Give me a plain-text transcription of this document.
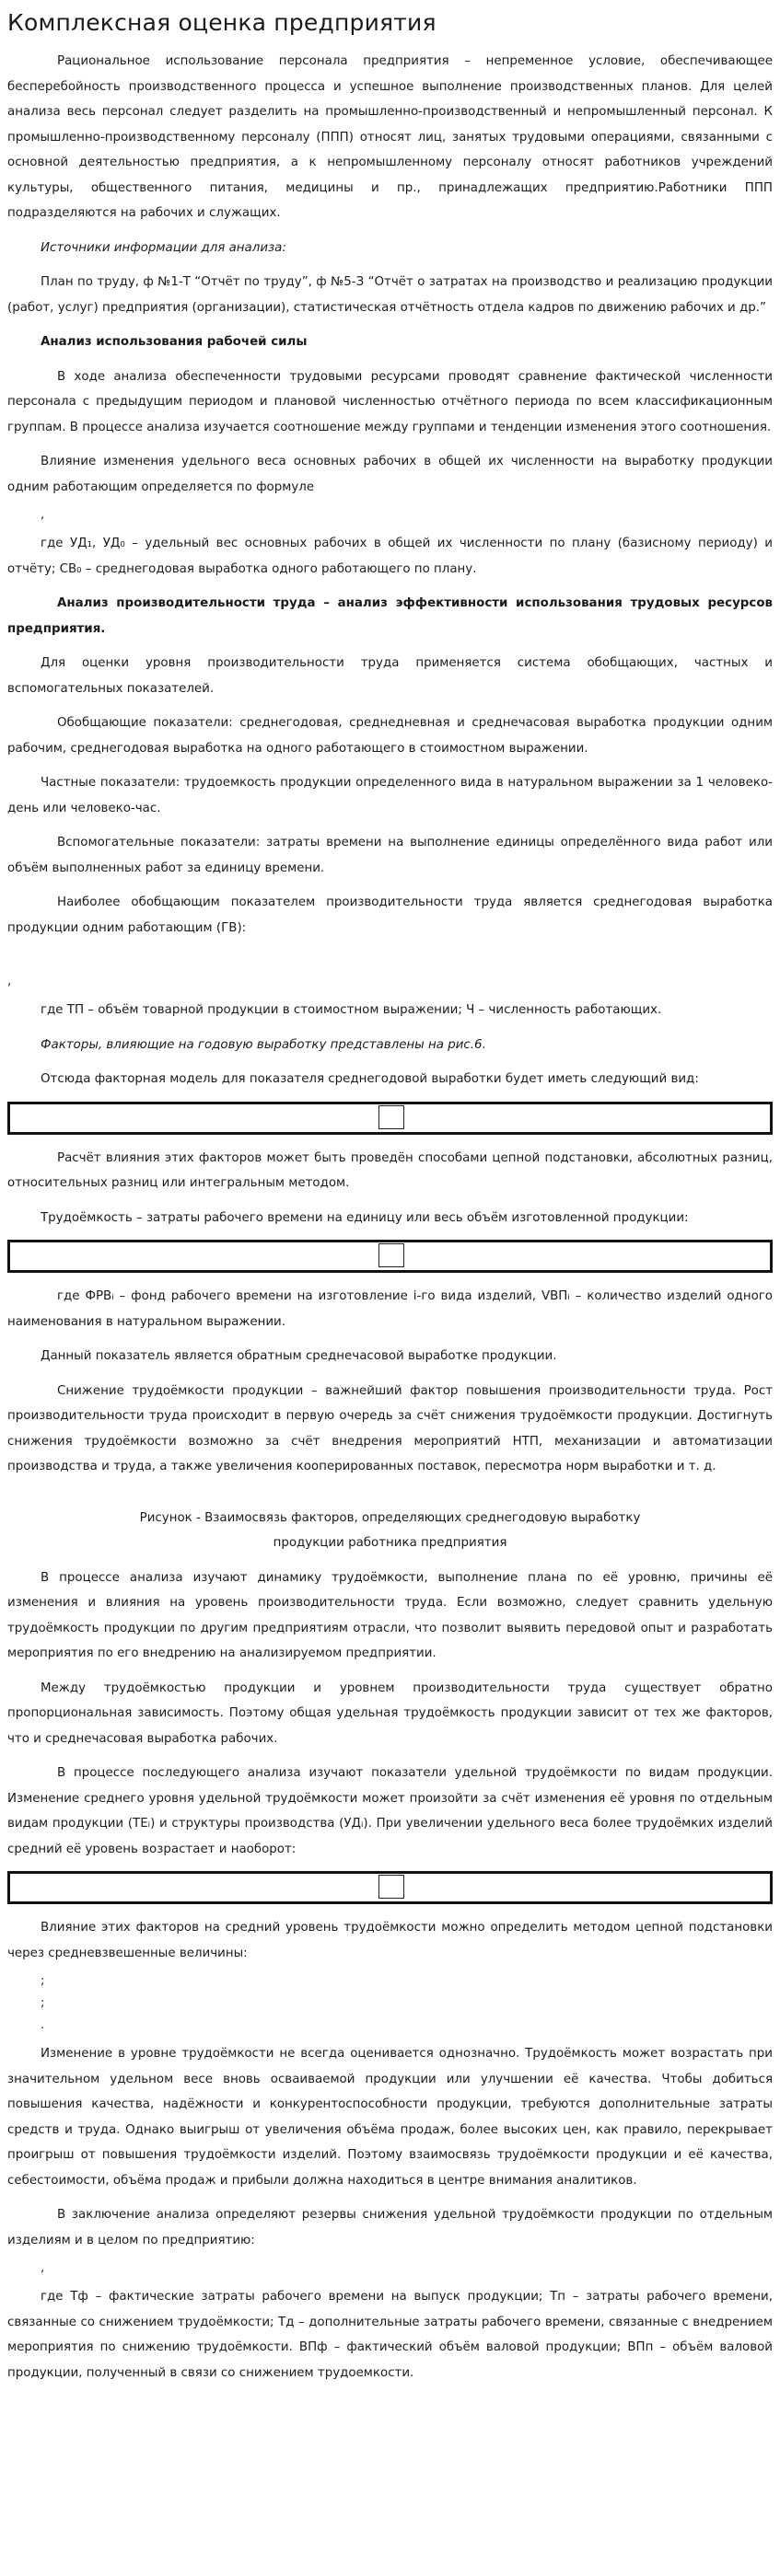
Комплексная оценка предприятия
Рациональное использование персонала предприятия – непременное условие, обеспечивающее бесперебойность производственного процесса и успешное выполнение производственных планов. Для целей анализа весь персонал следует разделить на промышленно-производственный и непромышленный персонал. К промышленно-производственному персоналу (ППП) относят лиц, занятых трудовыми операциями, связанными с основной деятельностью предприятия, а к непромышленному персоналу относят работников учреждений культуры, общественного питания, медицины и пр., принадлежащих предприятию.Работники ППП подразделяются на рабочих и служащих.
Источники информации для анализа:
План по труду, ф №1-Т “Отчёт по труду”, ф №5-З “Отчёт о затратах на производство и реализацию продукции (работ, услуг) предприятия (организации), статистическая отчётность отдела кадров по движению рабочих и др.”
Анализ использования рабочей силы
В ходе анализа обеспеченности трудовыми ресурсами проводят сравнение фактической численности персонала с предыдущим периодом и плановой численностью отчётного периода по всем классификационным группам. В процессе анализа изучается соотношение между группами и тенденции изменения этого соотношения.
Влияние изменения удельного веса основных рабочих в общей их численности на выработку продукции одним работающим определяется по формуле
,
где УД₁, УД₀ – удельный вес основных рабочих в общей их численности по плану (базисному периоду) и отчёту; СВ₀ – среднегодовая выработка одного работающего по плану.
Анализ производительности труда – анализ эффективности использования трудовых ресурсов предприятия.
Для оценки уровня производительности труда применяется система обобщающих, частных и вспомогательных показателей.
Обобщающие показатели: среднегодовая, среднедневная и среднечасовая выработка продукции одним рабочим, среднегодовая выработка на одного работающего в стоимостном выражении.
Частные показатели: трудоемкость продукции определенного вида в натуральном выражении за 1 человеко-день или человеко-час.
Вспомогательные показатели: затраты времени на выполнение единицы определённого вида работ или объём выполненных работ за единицу времени.
Наиболее обобщающим показателем производительности труда является среднегодовая выработка продукции одним работающим (ГВ):
,
где ТП – объём товарной продукции в стоимостном выражении; Ч – численность работающих.
Факторы, влияющие на годовую выработку представлены на рис.6.
Отсюда факторная модель для показателя среднегодовой выработки будет иметь следующий вид:
Расчёт влияния этих факторов может быть проведён способами цепной подстановки, абсолютных разниц, относительных разниц или интегральным методом.
Трудоёмкость – затраты рабочего времени на единицу или весь объём изготовленной продукции:
где ФРВᵢ – фонд рабочего времени на изготовление i-го вида изделий, VВПᵢ – количество изделий одного наименования в натуральном выражении.
Данный показатель является обратным среднечасовой выработке продукции.
Снижение трудоёмкости продукции – важнейший фактор повышения производительности труда. Рост производительности труда происходит в первую очередь за счёт снижения трудоёмкости продукции. Достигнуть снижения трудоёмкости возможно за счёт внедрения мероприятий НТП, механизации и автоматизации производства и труда, а также увеличения кооперированных поставок, пересмотра норм выработки и т. д.
Рисунок - Взаимосвязь факторов, определяющих среднегодовую выработку
продукции работника предприятия
В процессе анализа изучают динамику трудоёмкости, выполнение плана по её уровню, причины её изменения и влияния на уровень производительности труда. Если возможно, следует сравнить удельную трудоёмкость продукции по другим предприятиям отрасли, что позволит выявить передовой опыт и разработать мероприятия по его внедрению на анализируемом предприятии.
Между трудоёмкостью продукции и уровнем производительности труда существует обратно пропорциональная зависимость. Поэтому общая удельная трудоёмкость продукции зависит от тех же факторов, что и среднечасовая выработка рабочих.
В процессе последующего анализа изучают показатели удельной трудоёмкости по видам продукции. Изменение среднего уровня удельной трудоёмкости может произойти за счёт изменения её уровня по отдельным видам продукции (ТЕᵢ) и структуры производства (УДᵢ). При увеличении удельного веса более трудоёмких изделий средний её уровень возрастает и наоборот:
Влияние этих факторов на средний уровень трудоёмкости можно определить методом цепной подстановки через средневзвешенные величины:
;
;
.
Изменение в уровне трудоёмкости не всегда оценивается однозначно. Трудоёмкость может возрастать при значительном удельном весе вновь осваиваемой продукции или улучшении её качества. Чтобы добиться повышения качества, надёжности и конкурентоспособности продукции, требуются дополнительные затраты средств и труда. Однако выигрыш от увеличения объёма продаж, более высоких цен, как правило, перекрывает проигрыш от повышения трудоёмкости изделий. Поэтому взаимосвязь трудоёмкости продукции и её качества, себестоимости, объёма продаж и прибыли должна находиться в центре внимания аналитиков.
В заключение анализа определяют резервы снижения удельной трудоёмкости продукции по отдельным изделиям и в целом по предприятию:
,
где Тф – фактические затраты рабочего времени на выпуск продукции; Тп – затраты рабочего времени, связанные со снижением трудоёмкости; Тд – дополнительные затраты рабочего времени, связанные с внедрением мероприятия по снижению трудоёмкости. ВПф – фактический объём валовой продукции; ВПп – объём валовой продукции, полученный в связи со снижением трудоемкости.
